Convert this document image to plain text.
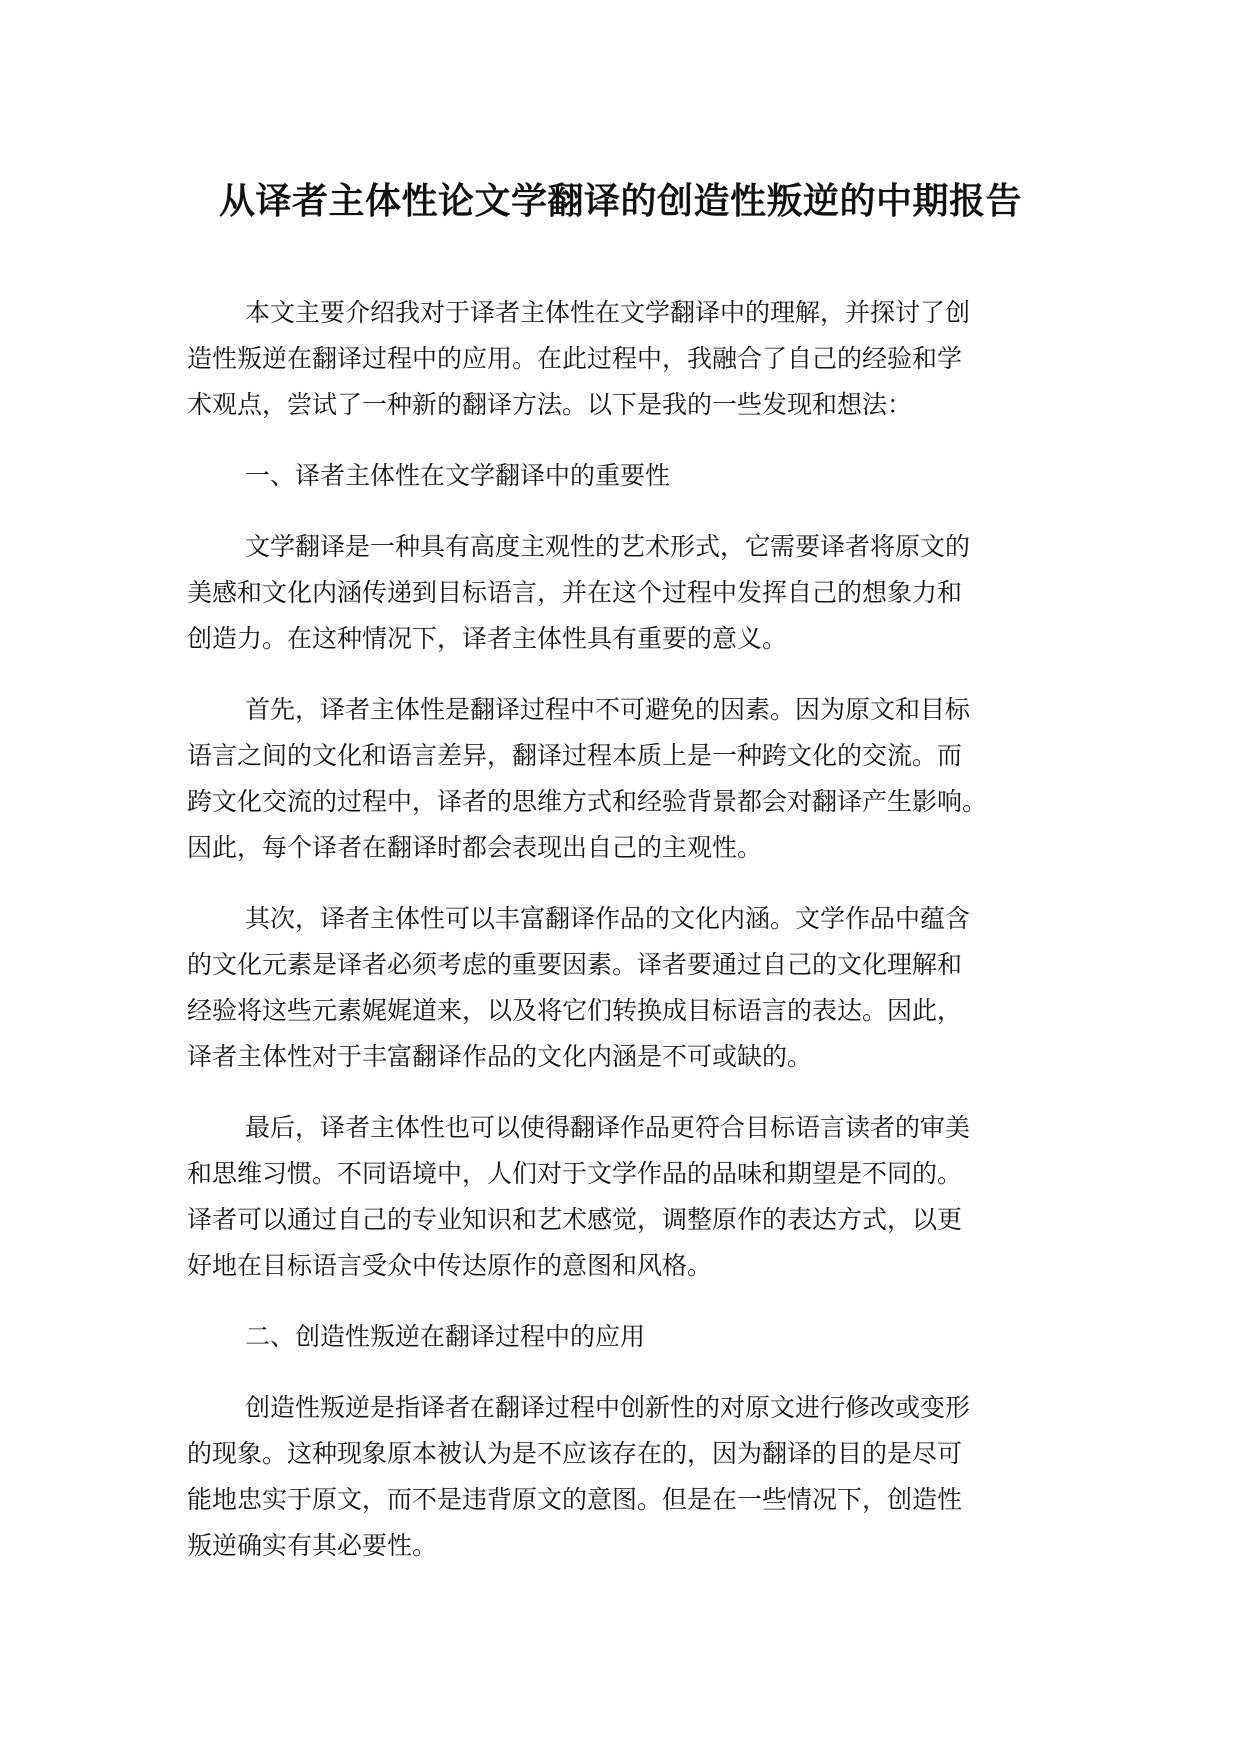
从译者主体性论文学翻译的创造性叛逆的中期报告
本文主要介绍我对于译者主体性在文学翻译中的理解，并探讨了创
造性叛逆在翻译过程中的应用。在此过程中，我融合了自己的经验和学
术观点，尝试了一种新的翻译方法。以下是我的一些发现和想法：
一、译者主体性在文学翻译中的重要性
文学翻译是一种具有高度主观性的艺术形式，它需要译者将原文的
美感和文化内涵传递到目标语言，并在这个过程中发挥自己的想象力和
创造力。在这种情况下，译者主体性具有重要的意义。
首先，译者主体性是翻译过程中不可避免的因素。因为原文和目标
语言之间的文化和语言差异，翻译过程本质上是一种跨文化的交流。而
跨文化交流的过程中，译者的思维方式和经验背景都会对翻译产生影响。
因此，每个译者在翻译时都会表现出自己的主观性。
其次，译者主体性可以丰富翻译作品的文化内涵。文学作品中蕴含
的文化元素是译者必须考虑的重要因素。译者要通过自己的文化理解和
经验将这些元素娓娓道来，以及将它们转换成目标语言的表达。因此，
译者主体性对于丰富翻译作品的文化内涵是不可或缺的。
最后，译者主体性也可以使得翻译作品更符合目标语言读者的审美
和思维习惯。不同语境中，人们对于文学作品的品味和期望是不同的。
译者可以通过自己的专业知识和艺术感觉，调整原作的表达方式，以更
好地在目标语言受众中传达原作的意图和风格。
二、创造性叛逆在翻译过程中的应用
创造性叛逆是指译者在翻译过程中创新性的对原文进行修改或变形
的现象。这种现象原本被认为是不应该存在的，因为翻译的目的是尽可
能地忠实于原文，而不是违背原文的意图。但是在一些情况下，创造性
叛逆确实有其必要性。
